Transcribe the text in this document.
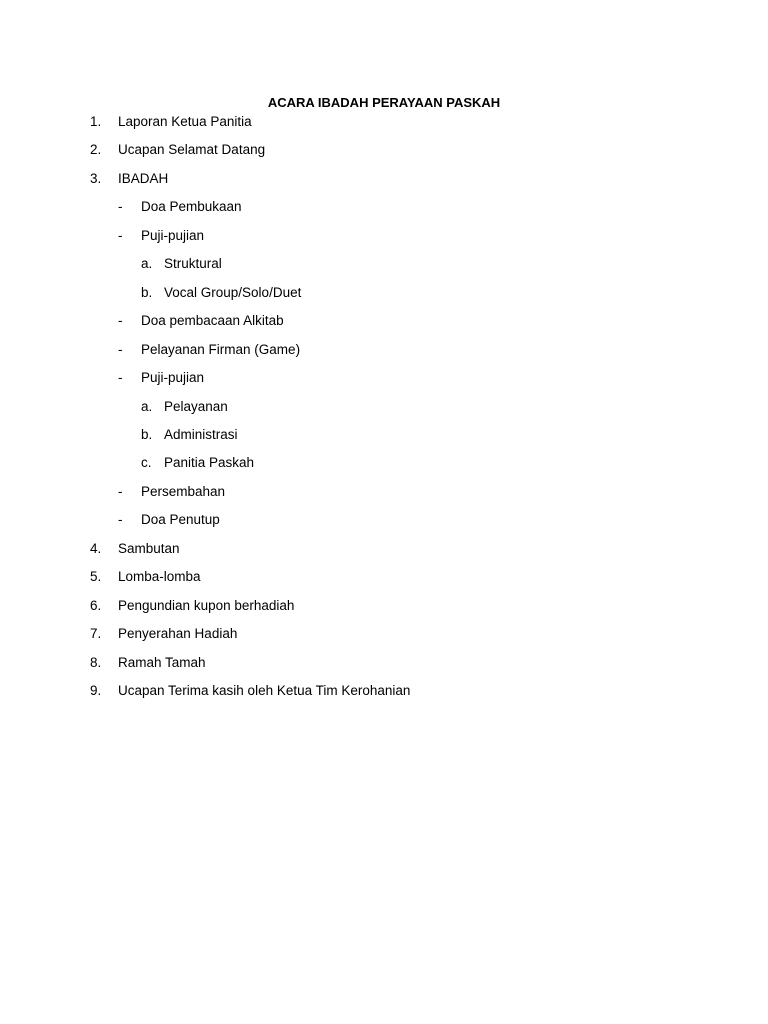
ACARA IBADAH PERAYAAN PASKAH
1. Laporan Ketua Panitia
2. Ucapan Selamat Datang
3. IBADAH
- Doa Pembukaan
- Puji-pujian
a. Struktural
b. Vocal Group/Solo/Duet
- Doa pembacaan Alkitab
- Pelayanan Firman (Game)
- Puji-pujian
a. Pelayanan
b. Administrasi
c. Panitia Paskah
- Persembahan
- Doa Penutup
4. Sambutan
5. Lomba-lomba
6. Pengundian kupon berhadiah
7. Penyerahan Hadiah
8. Ramah Tamah
9. Ucapan Terima kasih oleh Ketua Tim Kerohanian
